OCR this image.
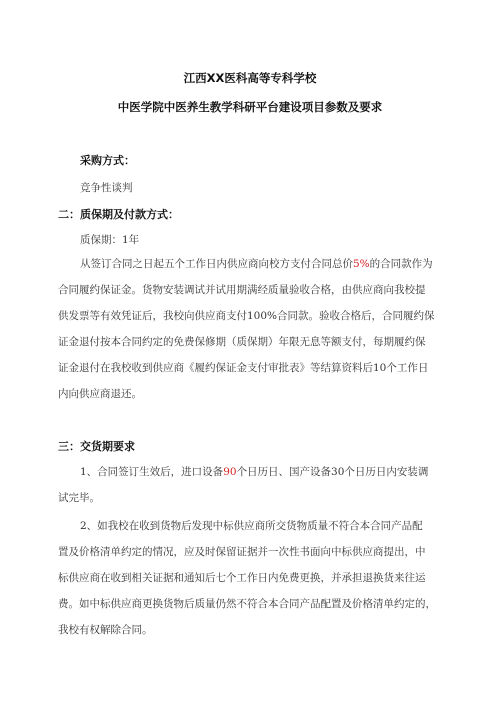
江西XX医科高等专科学校
中医学院中医养生教学科研平台建设项目参数及要求
采购方式：
竞争性谈判
二：质保期及付款方式：
质保期：1年
从签订合同之日起五个工作日内供应商向校方支付合同总价5%的合同款作为
合同履约保证金。货物安装调试并试用期满经质量验收合格，由供应商向我校提
供发票等有效凭证后，我校向供应商支付100%合同款。验收合格后，合同履约保
证金退付按本合同约定的免费保修期（质保期）年限无息等额支付，每期履约保
证金退付在我校收到供应商《履约保证金支付审批表》等结算资料后10个工作日
内向供应商退还。
三：交货期要求
1、合同签订生效后，进口设备90个日历日、国产设备30个日历日内安装调
试完毕。
2、如我校在收到货物后发现中标供应商所交货物质量不符合本合同产品配
置及价格清单约定的情况，应及时保留证据并一次性书面向中标供应商提出，中
标供应商在收到相关证据和通知后七个工作日内免费更换，并承担退换货来往运
费。如中标供应商更换货物后质量仍然不符合本合同产品配置及价格清单约定的，
我校有权解除合同。
